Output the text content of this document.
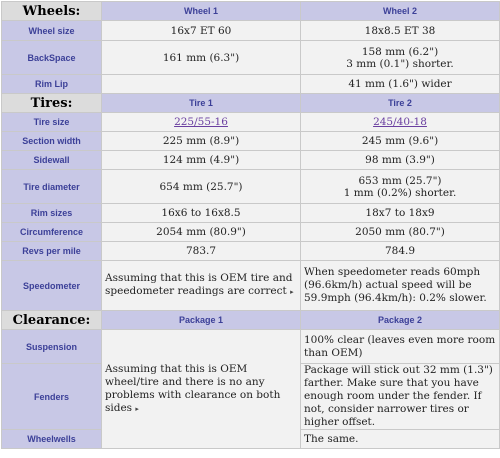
Wheels:	Wheel 1	Wheel 2
Wheel size	16x7 ET 60	18x8.5 ET 38
BackSpace	161 mm (6.3")	158 mm (6.2")
3 mm (0.1") shorter.
Rim Lip		41 mm (1.6") wider
Tires:	Tire 1	Tire 2
Tire size	225/55-16	245/40-18
Section width	225 mm (8.9")	245 mm (9.6")
Sidewall	124 mm (4.9")	98 mm (3.9")
Tire diameter	654 mm (25.7")	653 mm (25.7")
1 mm (0.2%) shorter.
Rim sizes	16x6 to 16x8.5	18x7 to 18x9
Circumference	2054 mm (80.9")	2050 mm (80.7")
Revs per mile	783.7	784.9
Speedometer	Assuming that this is OEM tire and speedometer readings are correct ▸	When speedometer reads 60mph (96.6km/h) actual speed will be 59.9mph (96.4km/h): 0.2% slower.
Clearance:	Package 1	Package 2
Suspension	Assuming that this is OEM wheel/tire and there is no any problems with clearance on both sides ▸	100% clear (leaves even more room than OEM)
Fenders		Package will stick out 32 mm (1.3") farther. Make sure that you have enough room under the fender. If not, consider narrower tires or higher offset.
Wheelwells		The same.
